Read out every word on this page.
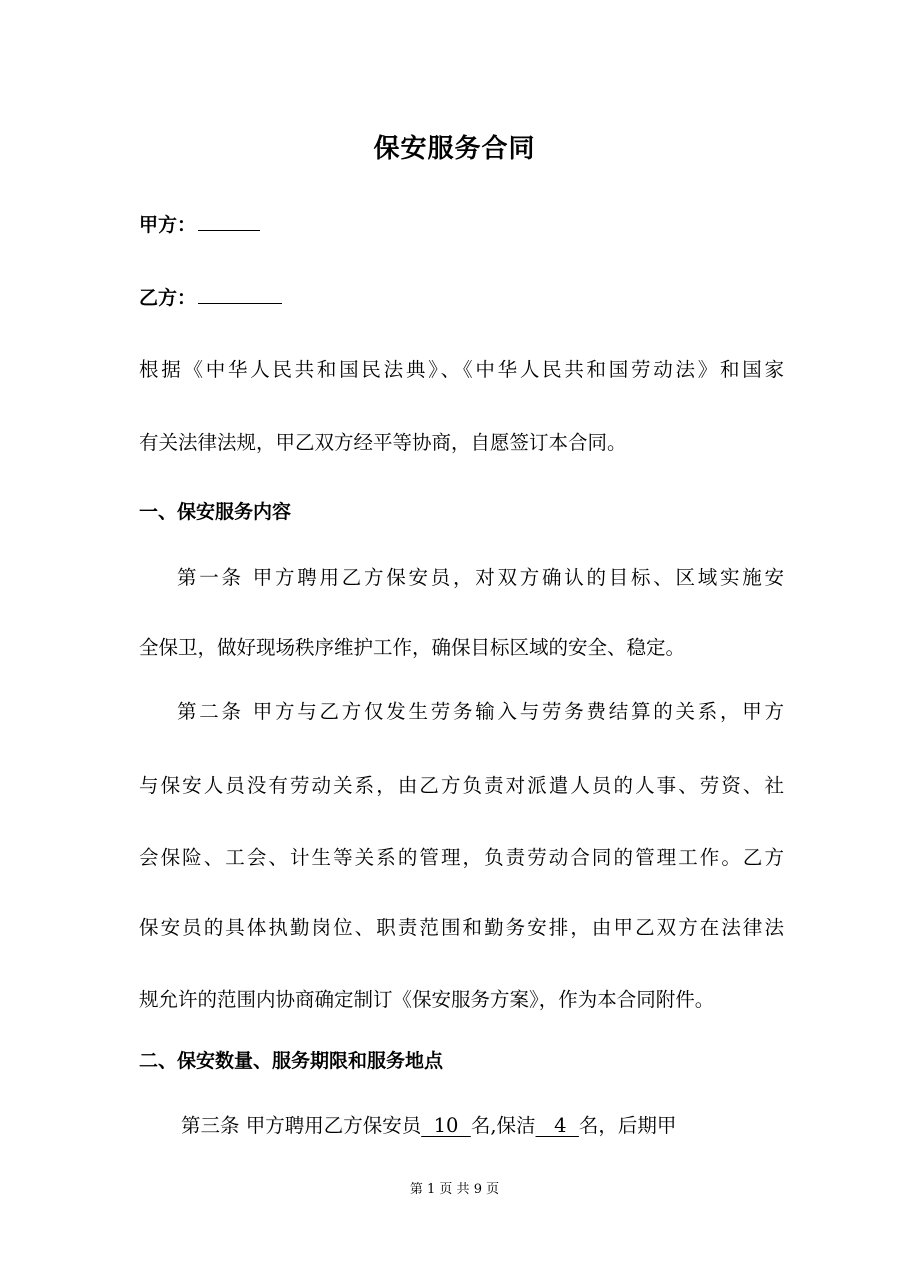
保安服务合同
甲方：
乙方：
根据《中华人民共和国民法典》、《中华人民共和国劳动法》和国家
有关法律法规，甲乙双方经平等协商，自愿签订本合同。
一、保安服务内容
第一条 甲方聘用乙方保安员，对双方确认的目标、区域实施安
全保卫，做好现场秩序维护工作，确保目标区域的安全、稳定。
第二条 甲方与乙方仅发生劳务输入与劳务费结算的关系，甲方
与保安人员没有劳动关系，由乙方负责对派遣人员的人事、劳资、社
会保险、工会、计生等关系的管理，负责劳动合同的管理工作。乙方
保安员的具体执勤岗位、职责范围和勤务安排，由甲乙双方在法律法
规允许的范围内协商确定制订《保安服务方案》，作为本合同附件。
二、保安数量、服务期限和服务地点
第三条 甲方聘用乙方保安员  10  名,保洁   4  名，后期甲
第 1 页 共 9 页
